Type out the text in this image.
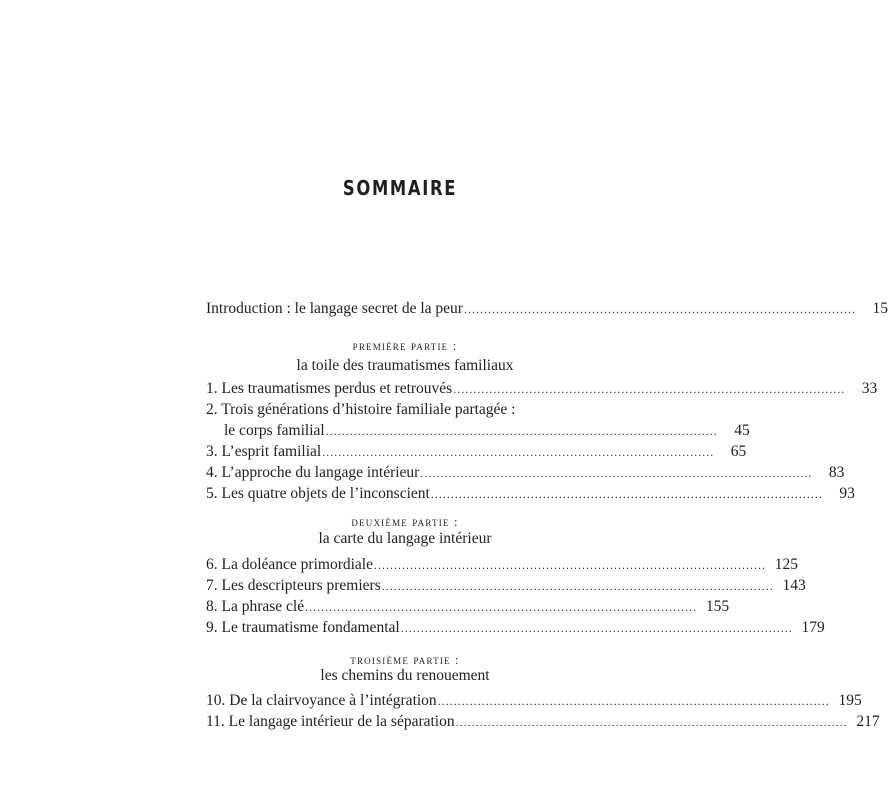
SOMMAIRE
Introduction : le langage secret de la peur ..................................................................................................	15
première partie :
la toile des traumatismes familiaux
1. Les traumatismes perdus et retrouvés ..................................................................................................	33
2. Trois générations d’histoire familiale partagée :
le corps familial ..................................................................................................	45
3. L’esprit familial ..................................................................................................	65
4. L’approche du langage intérieur ..................................................................................................	83
5. Les quatre objets de l’inconscient ..................................................................................................	93
deuxième partie :
la carte du langage intérieur
6. La doléance primordiale .................................................................................................. 125
7. Les descripteurs premiers .................................................................................................. 143
8. La phrase clé .................................................................................................. 155
9. Le traumatisme fondamental .................................................................................................. 179
troisième partie :
les chemins du renouement
10. De la clairvoyance à l’intégration .................................................................................................. 195
11. Le langage intérieur de la séparation .................................................................................................. 217
